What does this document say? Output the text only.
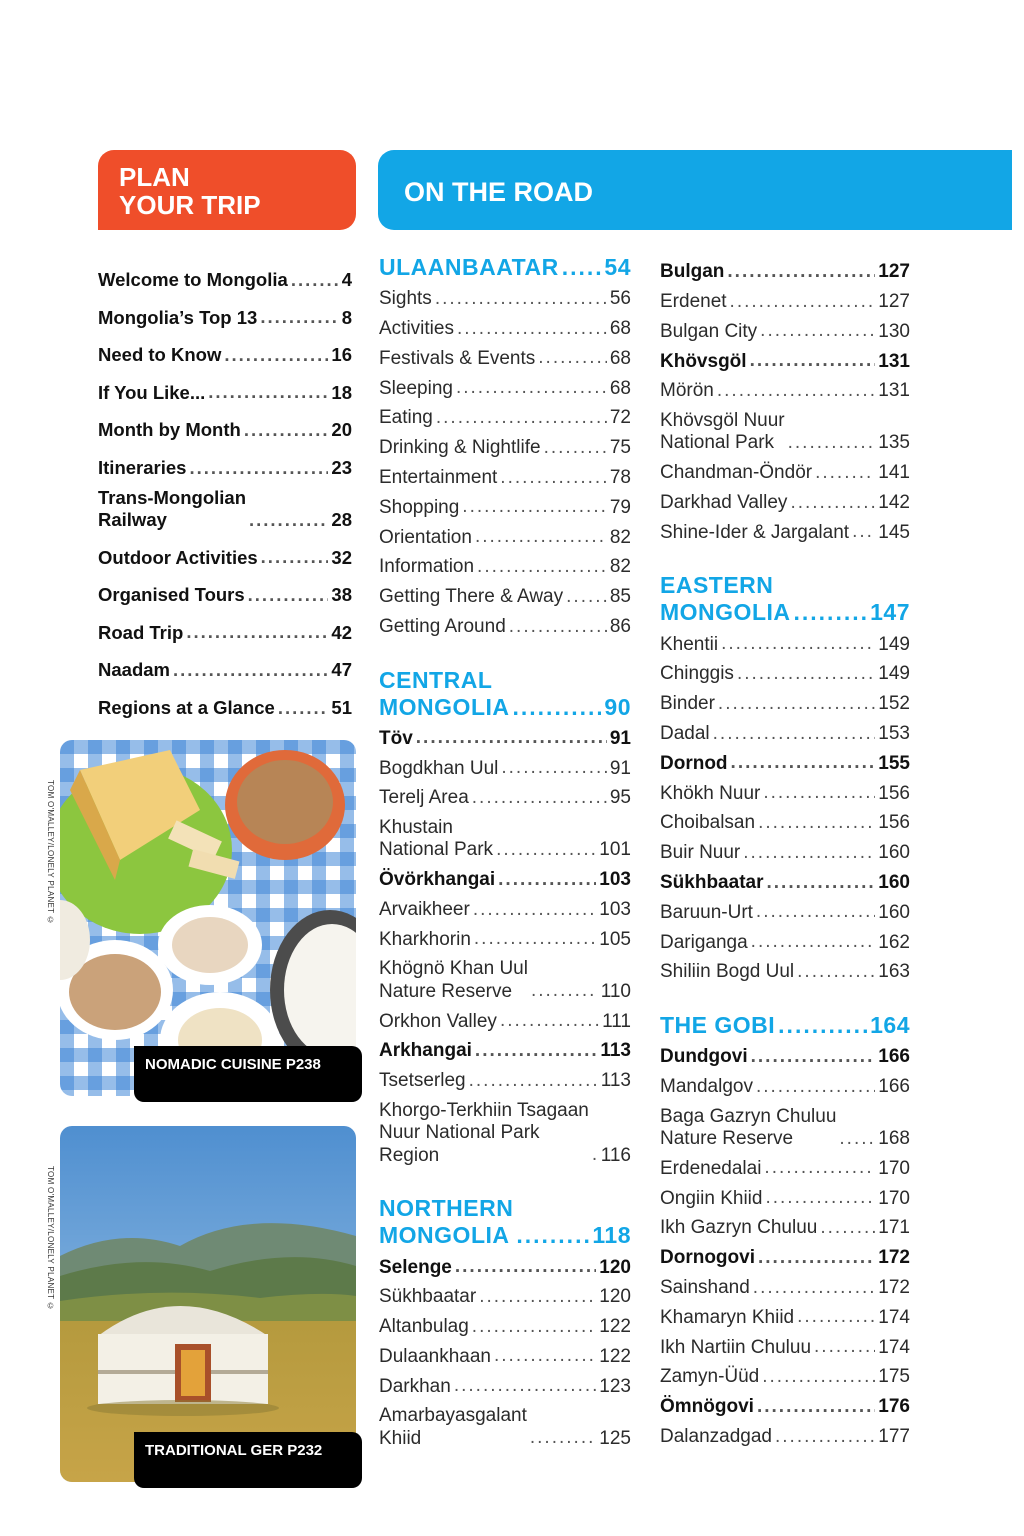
PLAN
YOUR TRIP	ON THE ROAD
Welcome to Mongolia .....	4
Mongolia’s Top 13 .....	8
Need to Know .....	16
If You Like... .....	18
Month by Month .....	20
Itineraries .....	23
Trans-Mongolian
Railway .....	28
Outdoor Activities .....	32
Organised Tours .....	38
Road Trip .....	42
Naadam .....	47
Regions at a Glance .....	51
ULAANBAATAR ..... 54
Sights .....	56
Activities .....	68
Festivals & Events .....	68
Sleeping .....	68
Eating .....	72
Drinking & Nightlife .....	75
Entertainment .....	78
Shopping .....	79
Orientation .....	82
Information .....	82
Getting There & Away ..... 85
Getting Around .....	86
CENTRAL
MONGOLIA .....	90
Töv .....	91
Bogdkhan Uul .....	91
Terelj Area .....	95
Khustain
National Park .....	101
Övörkhangai .....	103
Arvaikheer .....	103
Kharkhorin .....	105
Khögnö Khan Uul
Nature Reserve .....	110
Orkhon Valley .....	111
Arkhangai .....	113
Tsetserleg .....	113
Khorgo-Terkhiin Tsagaan
Nuur National Park
Region .....	116
NORTHERN
MONGOLIA .....	118
Selenge .....	120
Sükhbaatar .....	120
Altanbulag .....	122
Dulaankhaan .....	122
Darkhan .....	123
Amarbayasgalant
Khiid .....	125
Bulgan .....	127
Erdenet .....	127
Bulgan City .....	130
Khövsgöl .....	131
Mörön .....	131
Khövsgöl Nuur
National Park .....	135
Chandman-Öndör .....	141
Darkhad Valley .....	142
Shine-Ider & Jargalant ..... 145
EASTERN
MONGOLIA .....	147
Khentii .....	149
Chinggis .....	149
Binder .....	152
Dadal .....	153
Dornod .....	155
Khökh Nuur .....	156
Choibalsan .....	156
Buir Nuur .....	160
Sükhbaatar .....	160
Baruun-Urt .....	160
Dariganga .....	162
Shiliin Bogd Uul .....	163
THE GOBI .....	164
Dundgovi .....	166
Mandalgov .....	166
Baga Gazryn Chuluu
Nature Reserve .....	168
Erdenedalai .....	170
Ongiin Khiid .....	170
Ikh Gazryn Chuluu .....	171
Dornogovi .....	172
Sainshand .....	172
Khamaryn Khiid .....	174
Ikh Nartiin Chuluu .....	174
Zamyn-Üüd .....	175
Ömnögovi .....	176
Dalanzadgad .....	177
NOMADIC CUISINE P238
TOM O'MALLEY/LONELY PLANET ©
TRADITIONAL GER P232
TOM O'MALLEY/LONELY PLANET ©
